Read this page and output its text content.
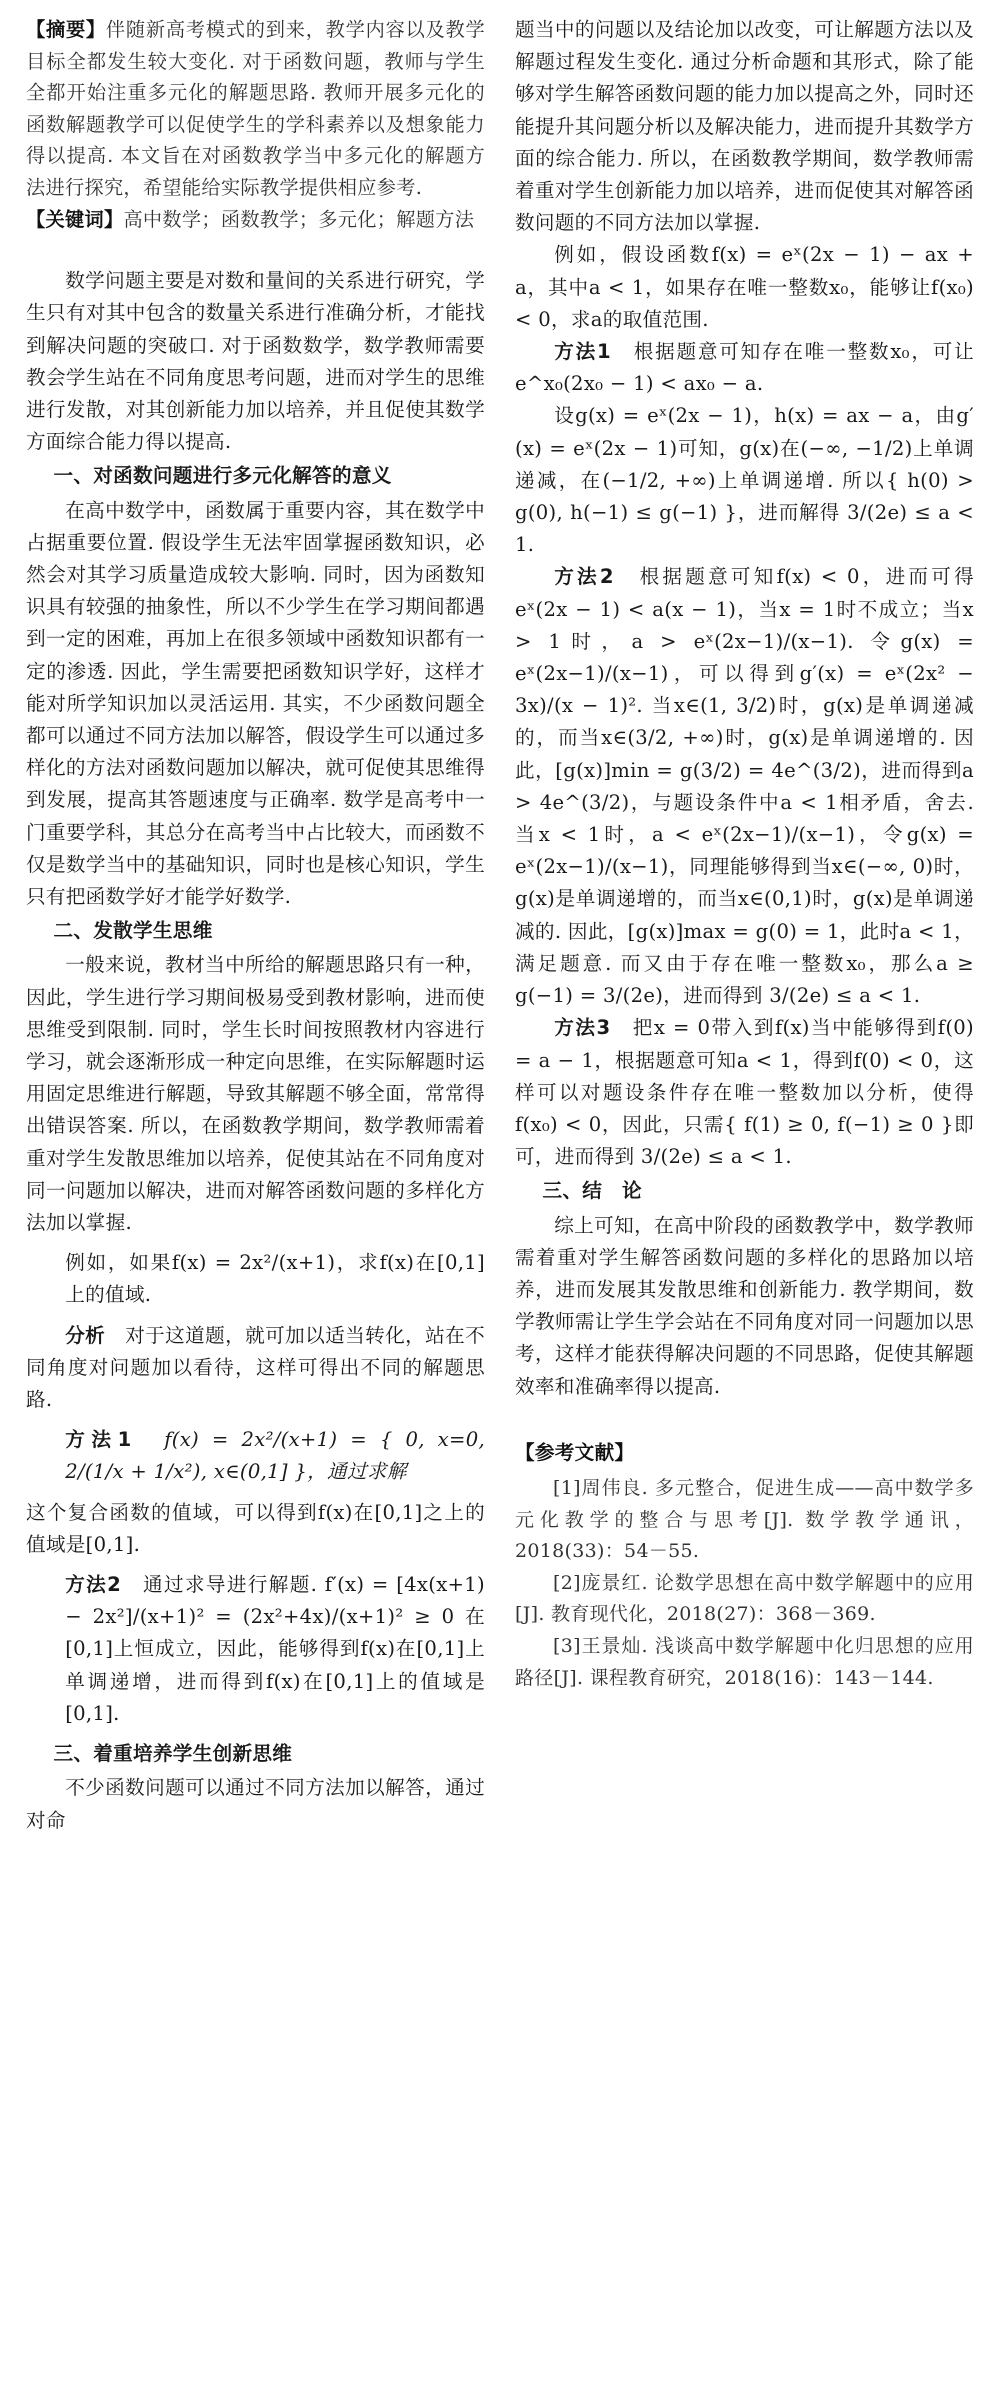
【摘要】伴随新高考模式的到来，教学内容以及教学目标全都发生较大变化. 对于函数问题，教师与学生全都开始注重多元化的解题思路. 教师开展多元化的函数解题教学可以促使学生的学科素养以及想象能力得以提高. 本文旨在对函数教学当中多元化的解题方法进行探究，希望能给实际教学提供相应参考.

【关键词】高中数学；函数教学；多元化；解题方法

数学问题主要是对数和量间的关系进行研究，学生只有对其中包含的数量关系进行准确分析，才能找到解决问题的突破口. 对于函数数学，数学教师需要教会学生站在不同角度思考问题，进而对学生的思维进行发散，对其创新能力加以培养，并且促使其数学方面综合能力得以提高.

一、对函数问题进行多元化解答的意义

在高中数学中，函数属于重要内容，其在数学中占据重要位置. 假设学生无法牢固掌握函数知识，必然会对其学习质量造成较大影响. 同时，因为函数知识具有较强的抽象性，所以不少学生在学习期间都遇到一定的困难，再加上在很多领域中函数知识都有一定的渗透. 因此，学生需要把函数知识学好，这样才能对所学知识加以灵活运用. 其实，不少函数问题全都可以通过不同方法加以解答，假设学生可以通过多样化的方法对函数问题加以解决，就可促使其思维得到发展，提高其答题速度与正确率. 数学是高考中一门重要学科，其总分在高考当中占比较大，而函数不仅是数学当中的基础知识，同时也是核心知识，学生只有把函数学好才能学好数学.

二、发散学生思维

一般来说，教材当中所给的解题思路只有一种，因此，学生进行学习期间极易受到教材影响，进而使思维受到限制. 同时，学生长时间按照教材内容进行学习，就会逐渐形成一种定向思维，在实际解题时运用固定思维进行解题，导致其解题不够全面，常常得出错误答案. 所以，在函数教学期间，数学教师需着重对学生发散思维加以培养，促使其站在不同角度对同一问题加以解决，进而对解答函数问题的多样化方法加以掌握.

例如，如果f(x) = 2x²/(x+1)，求f(x)在[0,1]上的值域.

分析　 对于这道题，就可加以适当转化，站在不同角度对问题加以看待，这样可得出不同的解题思路.

方法1　 f(x) = 2x²/(x+1) = { 0, x=0, 2/(1/x + 1/x²), x∈(0,1] }，通过求解

这个复合函数的值域，可以得到f(x)在[0,1]之上的值域是[0,1].

方法2　 通过求导进行解题. f′(x) = [4x(x+1) − 2x²]/(x+1)² = (2x²+4x)/(x+1)² ≥ 0 在[0,1]上恒成立，因此，能够得到f(x)在[0,1]上单调递增，进而得到f(x)在[0,1]上的值域是[0,1].

三、着重培养学生创新思维

不少函数问题可以通过不同方法加以解答，通过对命

题当中的问题以及结论加以改变，可让解题方法以及解题过程发生变化. 通过分析命题和其形式，除了能够对学生解答函数问题的能力加以提高之外，同时还能提升其问题分析以及解决能力，进而提升其数学方面的综合能力. 所以，在函数教学期间，数学教师需着重对学生创新能力加以培养，进而促使其对解答函数问题的不同方法加以掌握.

例如，假设函数f(x) = eˣ(2x − 1) − ax + a，其中a < 1，如果存在唯一整数x₀，能够让f(x₀) < 0，求a的取值范围.

方法1　 根据题意可知存在唯一整数x₀，可让e^x₀(2x₀ − 1) < ax₀ − a.

设g(x) = eˣ(2x − 1)，h(x) = ax − a，由g′(x) = eˣ(2x − 1)可知，g(x)在(−∞, −1/2)上单调递减，在(−1/2, +∞)上单调递增. 所以{ h(0) > g(0), h(−1) ≤ g(−1) }，进而解得 3/(2e) ≤ a < 1.

方法2　 根据题意可知f(x) < 0，进而可得eˣ(2x − 1) < a(x − 1)，当x = 1时不成立；当x > 1时，a > eˣ(2x−1)/(x−1). 令g(x) = eˣ(2x−1)/(x−1)，可以得到g′(x) = eˣ(2x² − 3x)/(x − 1)². 当x∈(1, 3/2)时，g(x)是单调递减的，而当x∈(3/2, +∞)时，g(x)是单调递增的. 因此，[g(x)]min = g(3/2) = 4e^(3/2)，进而得到a > 4e^(3/2)，与题设条件中a < 1相矛盾，舍去. 当x < 1时，a < eˣ(2x−1)/(x−1)，令g(x) = eˣ(2x−1)/(x−1)，同理能够得到当x∈(−∞, 0)时，g(x)是单调递增的，而当x∈(0,1)时，g(x)是单调递减的. 因此，[g(x)]max = g(0) = 1，此时a < 1，满足题意. 而又由于存在唯一整数x₀，那么a ≥ g(−1) = 3/(2e)，进而得到 3/(2e) ≤ a < 1.

方法3　 把x = 0带入到f(x)当中能够得到f(0) = a − 1，根据题意可知a < 1，得到f(0) < 0，这样可以对题设条件存在唯一整数加以分析，使得f(x₀) < 0，因此，只需{ f(1) ≥ 0, f(−1) ≥ 0 }即可，进而得到 3/(2e) ≤ a < 1.

三、结　论

综上可知，在高中阶段的函数教学中，数学教师需着重对学生解答函数问题的多样化的思路加以培养，进而发展其发散思维和创新能力. 教学期间，数学教师需让学生学会站在不同角度对同一问题加以思考，这样才能获得解决问题的不同思路，促使其解题效率和准确率得以提高.

【参考文献】

[1]周伟良. 多元整合，促进生成——高中数学多元化教学的整合与思考[J]. 数学教学通讯，2018(33)：54－55.

[2]庞景红. 论数学思想在高中数学解题中的应用[J]. 教育现代化，2018(27)：368－369.

[3]王景灿. 浅谈高中数学解题中化归思想的应用路径[J]. 课程教育研究，2018(16)：143－144.
